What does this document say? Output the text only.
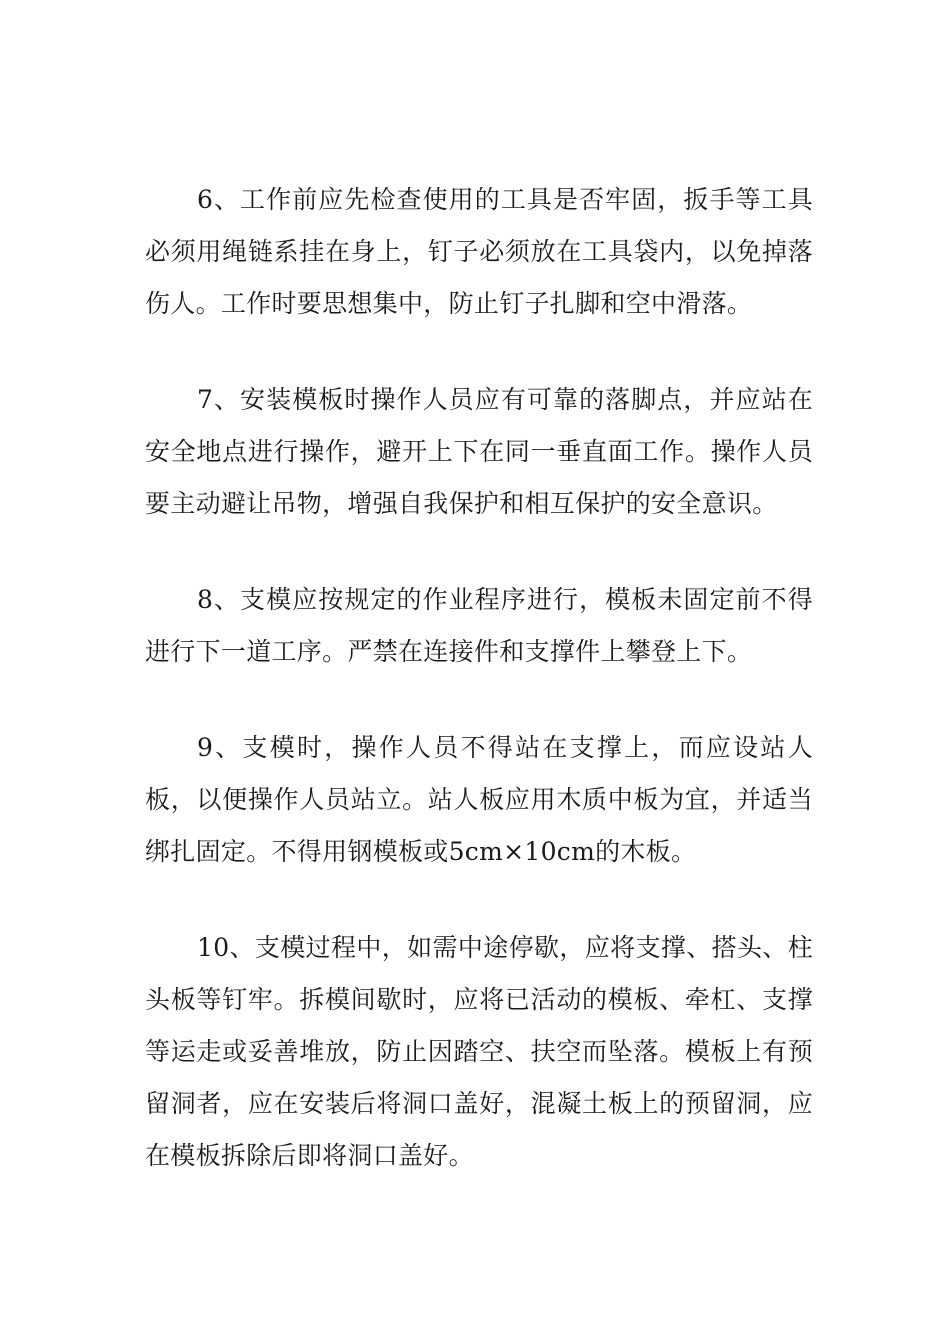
6、工作前应先检查使用的工具是否牢固，扳手等工具必须用绳链系挂在身上，钉子必须放在工具袋内，以免掉落伤人。工作时要思想集中，防止钉子扎脚和空中滑落。

7、安装模板时操作人员应有可靠的落脚点，并应站在安全地点进行操作，避开上下在同一垂直面工作。操作人员要主动避让吊物，增强自我保护和相互保护的安全意识。

8、支模应按规定的作业程序进行，模板未固定前不得进行下一道工序。严禁在连接件和支撑件上攀登上下。

9、支模时，操作人员不得站在支撑上，而应设站人板，以便操作人员站立。站人板应用木质中板为宜，并适当绑扎固定。不得用钢模板或5cm×10cm的木板。

10、支模过程中，如需中途停歇，应将支撑、搭头、柱头板等钉牢。拆模间歇时，应将已活动的模板、牵杠、支撑等运走或妥善堆放，防止因踏空、扶空而坠落。模板上有预留洞者，应在安装后将洞口盖好，混凝土板上的预留洞，应在模板拆除后即将洞口盖好。
